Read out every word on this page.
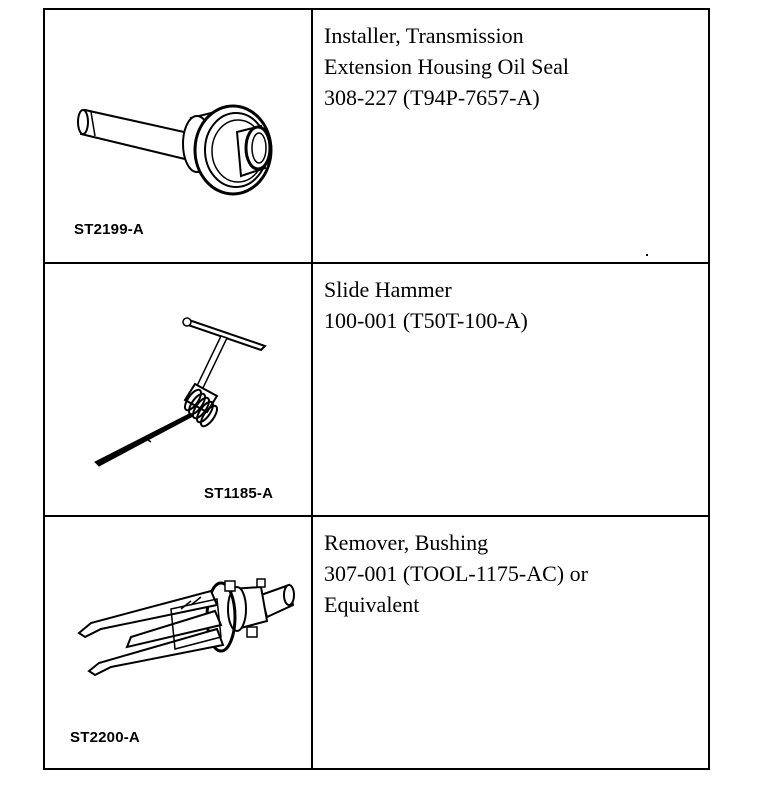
ST2199-A	Installer, Transmission
Extension Housing Oil Seal
308-227 (T94P-7657-A)

ST1185-A	Slide Hammer
100-001 (T50T-100-A)

ST2200-A	Remover, Bushing
307-001 (TOOL-1175-AC) or
Equivalent
